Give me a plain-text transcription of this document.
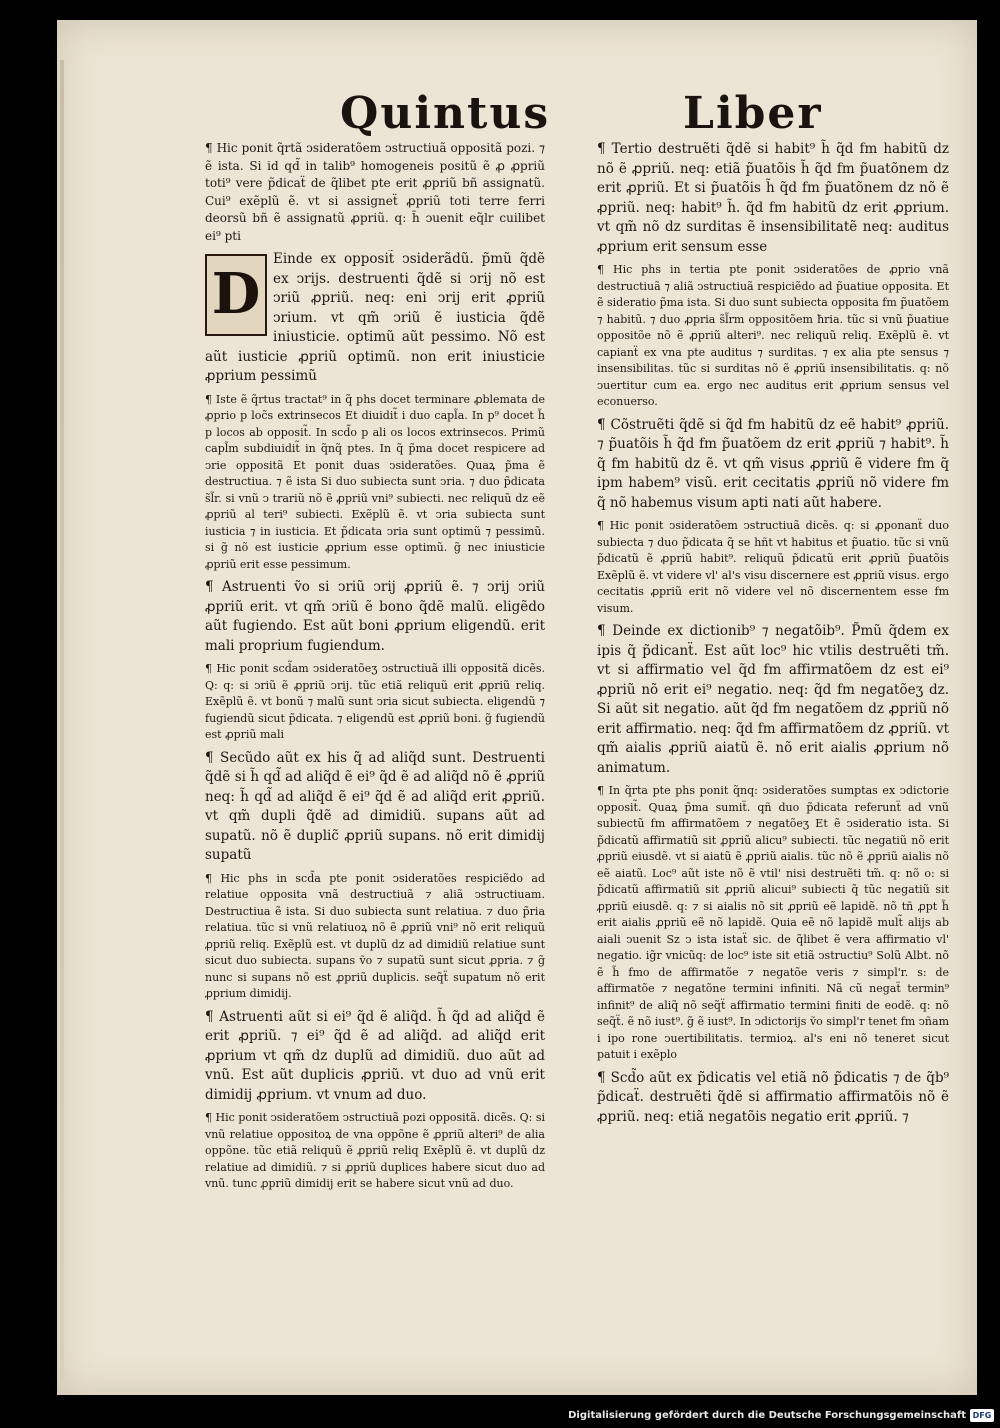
Quintus	Liber

¶ Hic ponit q̃rtã ↄsideratõem ↄstructiuã oppositã pozi. ⁊ ẽ ista. Si id qd̃ in talib⁹ homogeneis positũ ẽ ꝓ ꝓpriũ toti⁹ vere p̃dicaẗ de q̃libet pte erit ꝓpriũ bñ assignatũ. Cui⁹ exẽplũ ẽ. vt si assigneẗ ꝓpriũ toti terre ferri deorsũ bñ ẽ assignatũ ꝓpriũ. q: h̃ ↄuenit eq̃lr cuilibet ei⁹ pti

D

Einde ex opposit̃ ↄsiderãdũ. p̃mũ q̃dẽ ex ↄrijs. destruenti q̃dẽ si ↄrij nõ est ↄriũ ꝓpriũ. neq: eni ↄrij erit ꝓpriũ ↄrium. vt qm̃ ↄriũ ẽ iusticia q̃dẽ iniusticie. optimũ aũt pessimo. Nõ est aũt iusticie ꝓpriũ optimũ. non erit iniusticie ꝓprium pessimũ

¶ Iste ẽ q̃rtus tractat⁹ in q̃ phs docet terminare ꝓblemata de ꝓprio p loc̃s extrinsecos Et diuidit̃ i duo capl̃a. In p⁹ docet h̃ p locos ab opposit̃. In scd̃o p ali os locos extrinsecos. Primũ capl̃m subdiuidit̃ in q̃nq̃ ptes. In q̃ p̃ma docet respicere ad ↄrie oppositã Et ponit duas ↄsideratões. Quaꝝ p̃ma ẽ destructiua. ⁊ ẽ ista Si duo subiecta sunt ↄria. ⁊ duo p̃dicata s̃l̃r. si vnũ ↄ trariũ nõ ẽ ꝓpriũ vni⁹ subiecti. nec reliquũ dz eẽ ꝓpriũ al teri⁹ subiecti. Exẽplũ ẽ. vt ↄria subiecta sunt iusticia ⁊ in iusticia. Et p̃dicata ↄria sunt optimũ ⁊ pessimũ. si g̃ nõ est iusticie ꝓprium esse optimũ. g̃ nec iniusticie ꝓpriũ erit esse pessimum.

¶ Astruenti ṽo si ↄriũ ↄrij ꝓpriũ ẽ. ⁊ ↄrij ↄriũ ꝓpriũ erit. vt qm̃ ↄriũ ẽ bono q̃dẽ malũ. eligẽdo aũt fugiendo. Est aũt boni ꝓprium eligendũ. erit mali proprium fugiendum.

¶ Hic ponit scd̃am ↄsideratõeʒ ↄstructiuã illi oppositã dicẽs. Q: q: si ↄriũ ẽ ꝓpriũ ↄrij. tũc etiã reliquũ erit ꝓpriũ reliq. Exẽplũ ẽ. vt bonũ ⁊ malũ sunt ↄria sicut subiecta. eligendũ ⁊ fugiendũ sicut p̃dicata. ⁊ eligendũ est ꝓpriũ boni. g̃ fugiendũ est ꝓpriũ mali

¶ Secũdo aũt ex his q̃ ad aliq̃d sunt. Destruenti q̃dẽ si h̃ qd̃ ad aliq̃d ẽ ei⁹ q̃d ẽ ad aliq̃d nõ ẽ ꝓpriũ neq: h̃ qd̃ ad aliq̃d ẽ ei⁹ q̃d ẽ ad aliq̃d erit ꝓpriũ. vt qm̃ dupli q̃dẽ ad dimidiũ. supans aũt ad supatũ. nõ ẽ duplic̃ ꝓpriũ supans. nõ erit dimidij supatũ

¶ Hic phs in scd̃a pte ponit ↄsideratões respiciẽdo ad relatiue opposita vnã destructiuã ⁊ aliã ↄstructiuam. Destructiua ẽ ista. Si duo subiecta sunt relatiua. ⁊ duo p̃ria relatiua. tũc si vnũ relatiuoꝝ nõ ẽ ꝓpriũ vni⁹ nõ erit reliquũ ꝓpriũ reliq. Exẽplũ est. vt duplũ dz ad dimidiũ relatiue sunt sicut duo subiecta. supans ṽo ⁊ supatũ sunt sicut ꝓpria. ⁊ g̃ nunc si supans nõ est ꝓpriũ duplicis. seq̃ẗ supatum nõ erit ꝓprium dimidij.

¶ Astruenti aũt si ei⁹ q̃d ẽ aliq̃d. h̃ q̃d ad aliq̃d ẽ erit ꝓpriũ. ⁊ ei⁹ q̃d ẽ ad aliq̃d. ad aliq̃d erit ꝓprium vt qm̃ dz duplũ ad dimidiũ. duo aũt ad vnũ. Est aũt duplicis ꝓpriũ. vt duo ad vnũ erit dimidij ꝓprium. vt vnum ad duo.

¶ Hic ponit ↄsideratõem ↄstructiuã pozi oppositã. dicẽs. Q: si vnũ relatiue oppositoꝝ de vna oppõne ẽ ꝓpriũ alteri⁹ de alia oppõne. tũc etiã reliquũ ẽ ꝓpriũ reliq Exẽplũ ẽ. vt duplũ dz relatiue ad dimidiũ. ⁊ si ꝓpriũ duplices habere sicut duo ad vnũ. tunc ꝓpriũ dimidij erit se habere sicut vnũ ad duo.

¶ Tertio destruẽti q̃dẽ si habit⁹ h̃ q̃d fm habitũ dz nõ ẽ ꝓpriũ. neq: etiã p̃uatõis h̃ q̃d fm p̃uatõnem dz erit ꝓpriũ. Et si p̃uatõis h̃ q̃d fm p̃uatõnem dz nõ ẽ ꝓpriũ. neq: habit⁹ h̃. q̃d fm habitũ dz erit ꝓprium. vt qm̃ nõ dz surditas ẽ insensibilitatẽ neq: auditus ꝓprium erit sensum esse

¶ Hic phs in tertia pte ponit ↄsideratões de ꝓprio vnã destructiuã ⁊ aliã ↄstructiuã respiciẽdo ad p̃uatiue opposita. Et ẽ sideratio p̃ma ista. Si duo sunt subiecta opposita fm p̃uatõem ⁊ habitũ. ⁊ duo ꝓpria s̃l̃rm oppositõem ħria. tũc si vnũ p̃uatiue oppositõe nõ ẽ ꝓpriũ alteri⁹. nec reliquũ reliq. Exẽplũ ẽ. vt capianẗ ex vna pte auditus ⁊ surditas. ⁊ ex alia pte sensus ⁊ insensibilitas. tũc si surditas nõ ẽ ꝓpriũ insensibilitatis. q: nõ ↄuertitur cum ea. ergo nec auditus erit ꝓprium sensus vel econuerso.

¶ Cõstruẽti q̃dẽ si q̃d fm habitũ dz eẽ habit⁹ ꝓpriũ. ⁊ p̃uatõis h̃ q̃d fm p̃uatõem dz erit ꝓpriũ ⁊ habit⁹. h̃ q̃ fm habitũ dz ẽ. vt qm̃ visus ꝓpriũ ẽ videre fm q̃ ipm habem⁹ visũ. erit cecitatis ꝓpriũ nõ videre fm q̃ nõ habemus visum apti nati aũt habere.

¶ Hic ponit ↄsideratõem ↄstructiuã dicẽs. q: si ꝓponanẗ duo subiecta ⁊ duo p̃dicata q̃ se hñt vt habitus et p̃uatio. tũc si vnũ p̃dicatũ ẽ ꝓpriũ habit⁹. reliquũ p̃dicatũ erit ꝓpriũ p̃uatõis Exẽplũ ẽ. vt videre vl' al's visu discernere est ꝓpriũ visus. ergo cecitatis ꝓpriũ erit nõ videre vel nõ discernentem esse fm visum.

¶ Deinde ex dictionib⁹ ⁊ negatõib⁹. P̃mũ q̃dem ex ipis q̃ p̃dicanẗ. Est aũt loc⁹ hic vtilis destruẽti tm̃. vt si affirmatio vel q̃d fm affirmatõem dz est ei⁹ ꝓpriũ nõ erit ei⁹ negatio. neq: q̃d fm negatõeʒ dz. Si aũt sit negatio. aũt q̃d fm negatõem dz ꝓpriũ nõ erit affirmatio. neq: q̃d fm affirmatõem dz ꝓpriũ. vt qm̃ aialis ꝓpriũ aiatũ ẽ. nõ erit aialis ꝓprium nõ animatum.

¶ In q̃rta pte phs ponit q̃nq: ↄsideratões sumptas ex ↄdictorie opposit̃. Quaꝝ p̃ma sumiẗ. qñ duo p̃dicata referunẗ ad vnũ subiectũ fm affirmatõem ⁊ negatõeʒ Et ẽ ↄsideratio ista. Si p̃dicatũ affirmatiũ sit ꝓpriũ alicu⁹ subiecti. tũc negatiũ nõ erit ꝓpriũ eiusdẽ. vt si aiatũ ẽ ꝓpriũ aialis. tũc nõ ẽ ꝓpriũ aialis nõ eẽ aiatũ. Loc⁹ aũt iste nõ ẽ vtil' nisi destruẽti tm̃. q: nõ o: si p̃dicatũ affirmatiũ sit ꝓpriũ alicui⁹ subiecti q̃ tũc negatiũ sit ꝓpriũ eiusdẽ. q: ⁊ si aialis nõ sit ꝓpriũ eẽ lapidẽ. nõ tñ ꝓpt h̃ erit aialis ꝓpriũ eẽ nõ lapidẽ. Quia eẽ nõ lapidẽ mult̃ alijs ab aiali ↄuenit Sz ↄ ista istaẗ sic. de q̃libet ẽ vera affirmatio vl' negatio. ig̃r vnicũq: de loc⁹ iste sit etiã ↄstructiu⁹ Solũ Albt. nõ ẽ h̃ fmo de affirmatõe ⁊ negatõe veris ⁊ simpl'r. s: de affirmatõe ⁊ negatõne termini infiniti. Nã cũ negaẗ termin⁹ infinit⁹ de aliq̃ nõ seq̃ẗ affirmatio termini finiti de eodẽ. q: nõ seq̃ẗ. ẽ nõ iust⁹. g̃ ẽ iust⁹. In ↄdictorijs ṽo simpl'r tenet fm ↄñam i ipo rone ↄuertibilitatis. termioꝝ. al's eni nõ teneret sicut patuit i exẽplo

¶ Scd̃o aũt ex p̃dicatis vel etiã nõ p̃dicatis ⁊ de q̃b⁹ p̃dicaẗ. destruẽti q̃dẽ si affirmatio affirmatõis nõ ẽ ꝓpriũ. neq: etiã negatõis negatio erit ꝓpriũ. ⁊

Digitalisierung gefördert durch die Deutsche Forschungsgemeinschaft DFG
